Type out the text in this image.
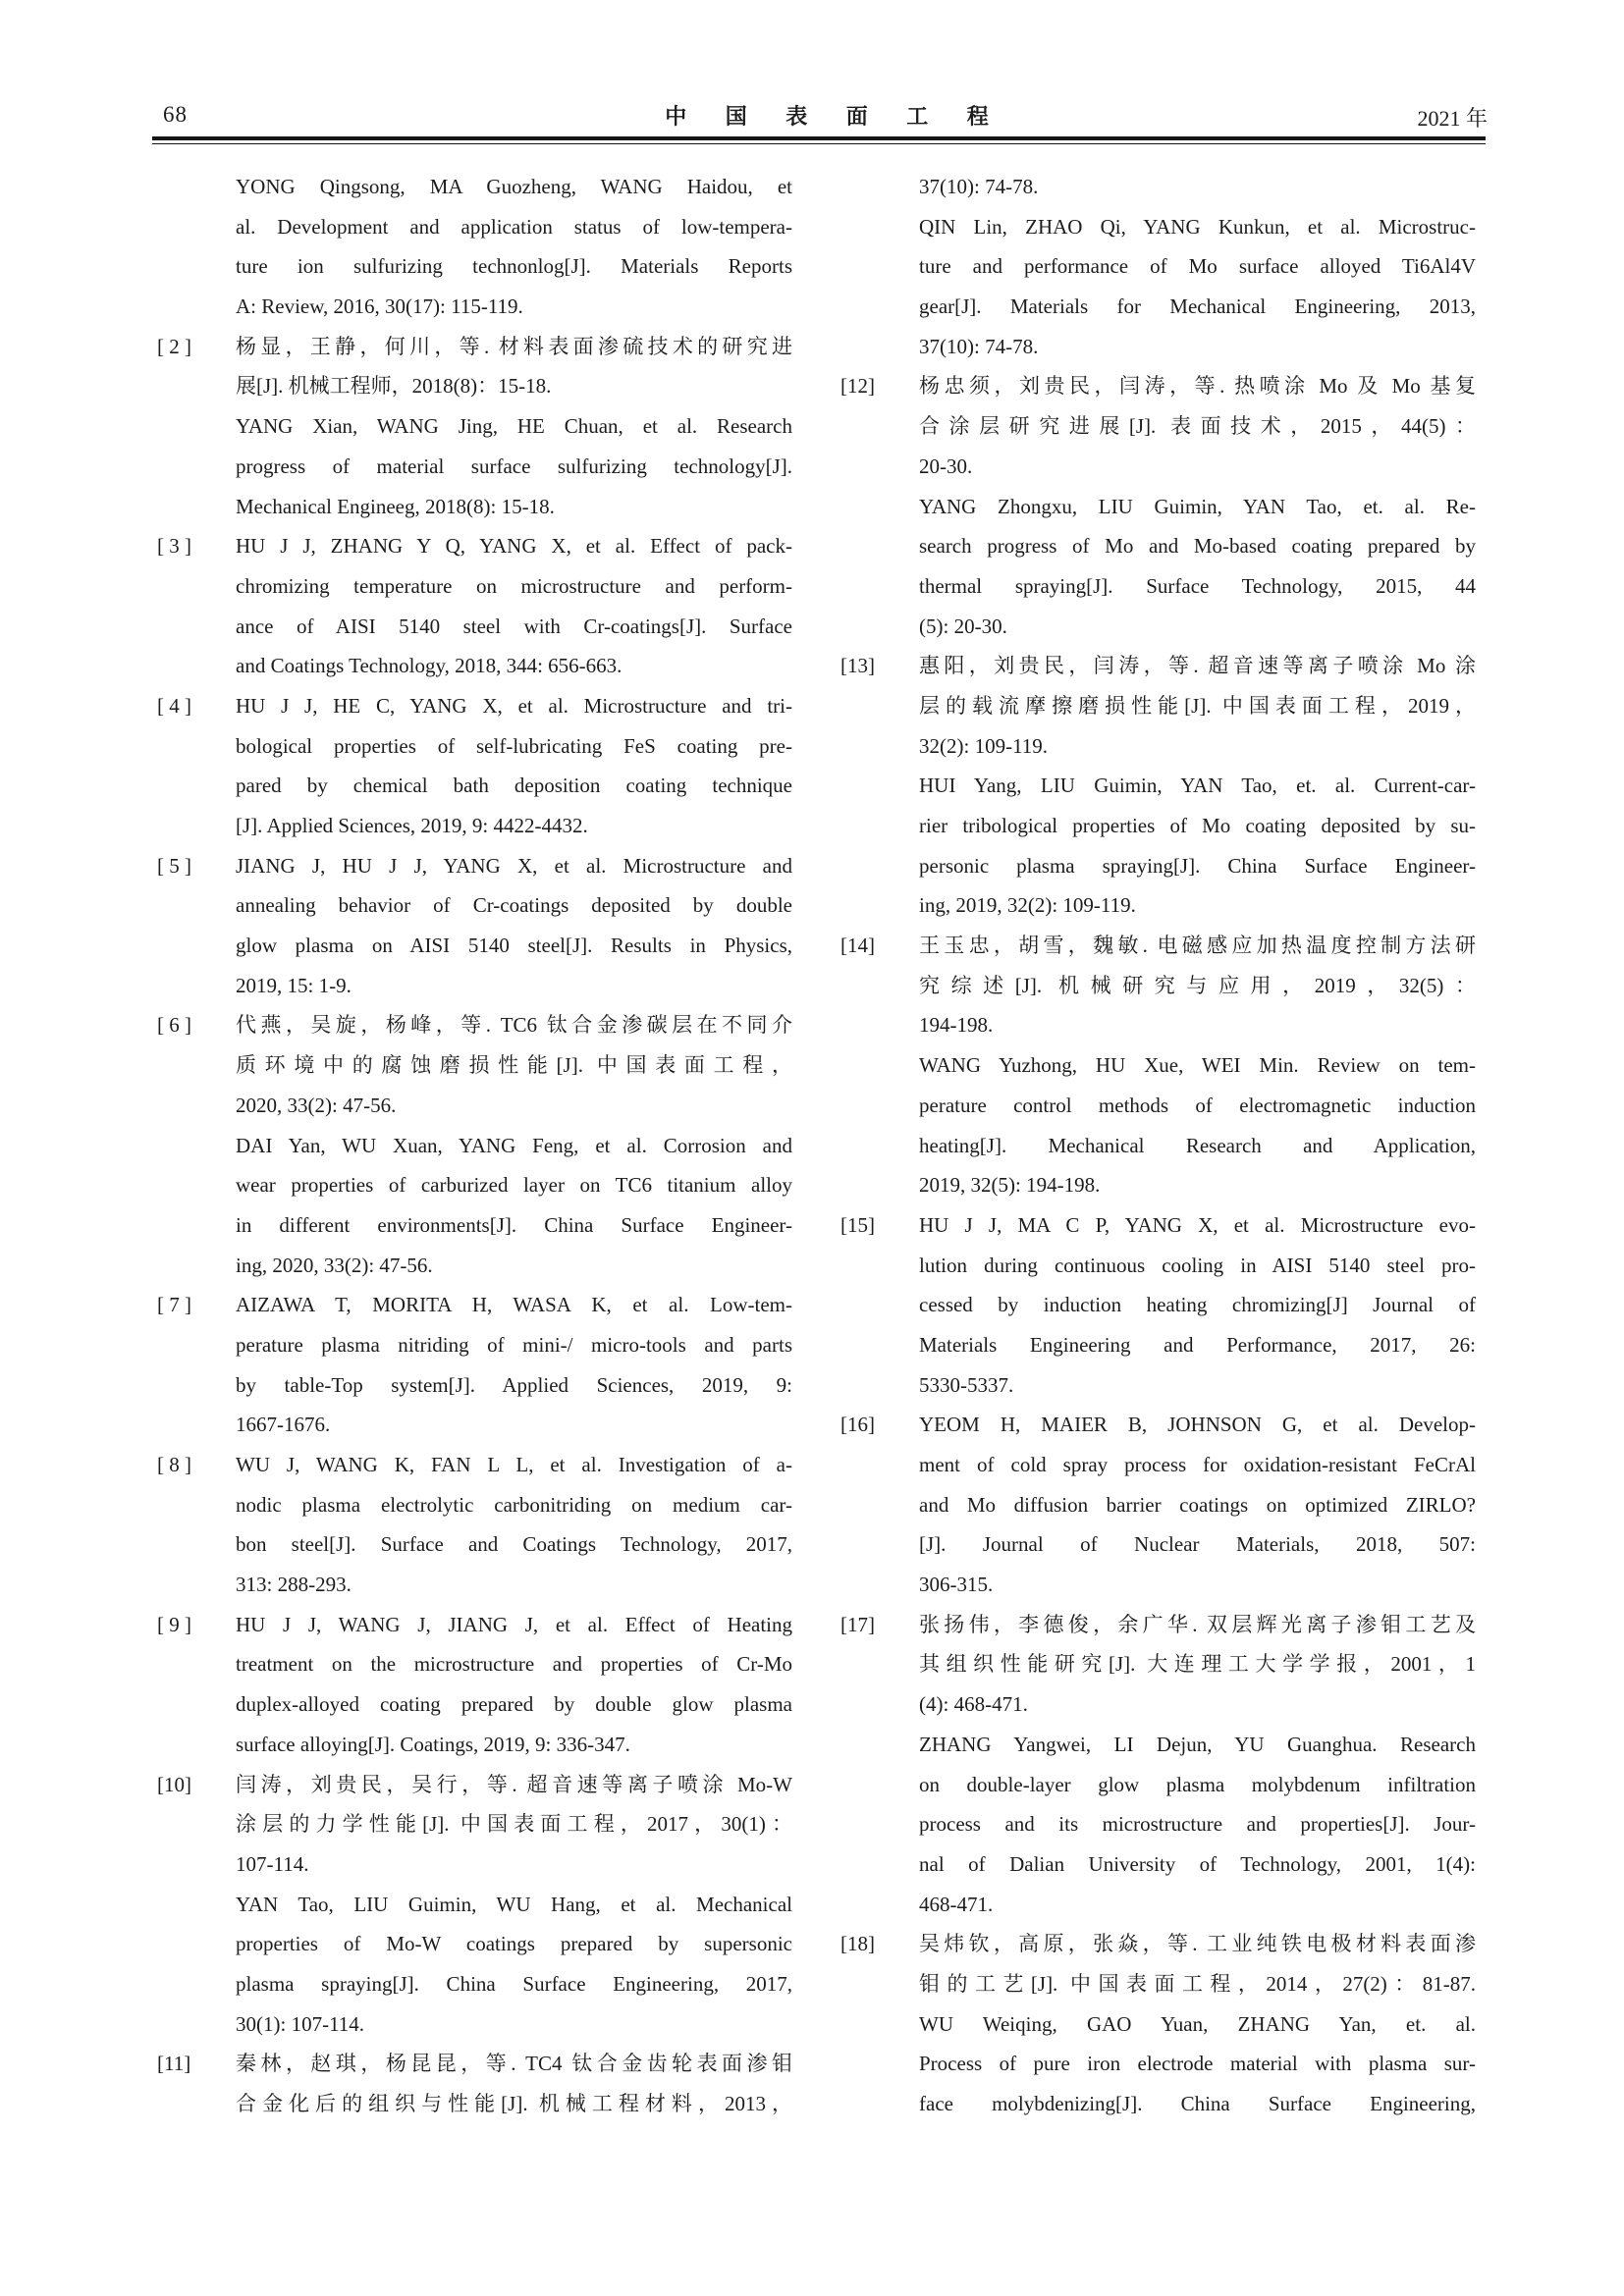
68	中 国 表 面 工 程	2021 年
YONG Qingsong, MA Guozheng, WANG Haidou, et
al. Development and application status of low-tempera-
ture ion sulfurizing technonlog[J]. Materials Reports
A: Review, 2016, 30(17): 115-119.
[ 2 ]	杨显，王静，何川，等. 材料表面渗硫技术的研究进
展[J]. 机械工程师，2018(8)：15-18.
YANG Xian, WANG Jing, HE Chuan, et al. Research
progress of material surface sulfurizing technology[J].
Mechanical Engineeg, 2018(8): 15-18.
[ 3 ]	HU J J, ZHANG Y Q, YANG X, et al. Effect of pack-
chromizing temperature on microstructure and perform-
ance of AISI 5140 steel with Cr-coatings[J]. Surface
and Coatings Technology, 2018, 344: 656-663.
[ 4 ]	HU J J, HE C, YANG X, et al. Microstructure and tri-
bological properties of self-lubricating FeS coating pre-
pared by chemical bath deposition coating technique
[J]. Applied Sciences, 2019, 9: 4422-4432.
[ 5 ]	JIANG J, HU J J, YANG X, et al. Microstructure and
annealing behavior of Cr-coatings deposited by double
glow plasma on AISI 5140 steel[J]. Results in Physics,
2019, 15: 1-9.
[ 6 ]	代燕，吴旋，杨峰，等. TC6 钛合金渗碳层在不同介
质环境中的腐蚀磨损性能[J]. 中国表面工程，
2020, 33(2): 47-56.
DAI Yan, WU Xuan, YANG Feng, et al. Corrosion and
wear properties of carburized layer on TC6 titanium alloy
in different environments[J]. China Surface Engineer-
ing, 2020, 33(2): 47-56.
[ 7 ]	AIZAWA T, MORITA H, WASA K, et al. Low-tem-
perature plasma nitriding of mini-/ micro-tools and parts
by table-Top system[J]. Applied Sciences, 2019, 9:
1667-1676.
[ 8 ]	WU J, WANG K, FAN L L, et al. Investigation of a-
nodic plasma electrolytic carbonitriding on medium car-
bon steel[J]. Surface and Coatings Technology, 2017,
313: 288-293.
[ 9 ]	HU J J, WANG J, JIANG J, et al. Effect of Heating
treatment on the microstructure and properties of Cr-Mo
duplex-alloyed coating prepared by double glow plasma
surface alloying[J]. Coatings, 2019, 9: 336-347.
[10]	闫涛，刘贵民，吴行，等. 超音速等离子喷涂 Mo-W
涂层的力学性能[J]. 中国表面工程，2017，30(1)：
107-114.
YAN Tao, LIU Guimin, WU Hang, et al. Mechanical
properties of Mo-W coatings prepared by supersonic
plasma spraying[J]. China Surface Engineering, 2017,
30(1): 107-114.
[11]	秦林，赵琪，杨昆昆，等. TC4 钛合金齿轮表面渗钼
合金化后的组织与性能[J]. 机械工程材料，2013，
37(10): 74-78.
QIN Lin, ZHAO Qi, YANG Kunkun, et al. Microstruc-
ture and performance of Mo surface alloyed Ti6Al4V
gear[J]. Materials for Mechanical Engineering, 2013,
37(10): 74-78.
[12]	杨忠须，刘贵民，闫涛，等. 热喷涂 Mo 及 Mo 基复
合涂层研究进展[J]. 表面技术，2015，44(5)：
20-30.
YANG Zhongxu, LIU Guimin, YAN Tao, et. al. Re-
search progress of Mo and Mo-based coating prepared by
thermal spraying[J]. Surface Technology, 2015, 44
(5): 20-30.
[13]	惠阳，刘贵民，闫涛，等. 超音速等离子喷涂 Mo 涂
层的载流摩擦磨损性能[J]. 中国表面工程，2019，
32(2): 109-119.
HUI Yang, LIU Guimin, YAN Tao, et. al. Current-car-
rier tribological properties of Mo coating deposited by su-
personic plasma spraying[J]. China Surface Engineer-
ing, 2019, 32(2): 109-119.
[14]	王玉忠，胡雪，魏敏. 电磁感应加热温度控制方法研
究综述[J]. 机械研究与应用，2019，32(5)：
194-198.
WANG Yuzhong, HU Xue, WEI Min. Review on tem-
perature control methods of electromagnetic induction
heating[J]. Mechanical Research and Application,
2019, 32(5): 194-198.
[15]	HU J J, MA C P, YANG X, et al. Microstructure evo-
lution during continuous cooling in AISI 5140 steel pro-
cessed by induction heating chromizing[J] Journal of
Materials Engineering and Performance, 2017, 26:
5330-5337.
[16]	YEOM H, MAIER B, JOHNSON G, et al. Develop-
ment of cold spray process for oxidation-resistant FeCrAl
and Mo diffusion barrier coatings on optimized ZIRLO?
[J]. Journal of Nuclear Materials, 2018, 507:
306-315.
[17]	张扬伟，李德俊，余广华. 双层辉光离子渗钼工艺及
其组织性能研究[J]. 大连理工大学学报，2001，1
(4): 468-471.
ZHANG Yangwei, LI Dejun, YU Guanghua. Research
on double-layer glow plasma molybdenum infiltration
process and its microstructure and properties[J]. Jour-
nal of Dalian University of Technology, 2001, 1(4):
468-471.
[18]	吴炜钦，高原，张焱，等. 工业纯铁电极材料表面渗
钼的工艺[J]. 中国表面工程，2014，27(2)：81-87.
WU Weiqing, GAO Yuan, ZHANG Yan, et. al.
Process of pure iron electrode material with plasma sur-
face molybdenizing[J]. China Surface Engineering,
